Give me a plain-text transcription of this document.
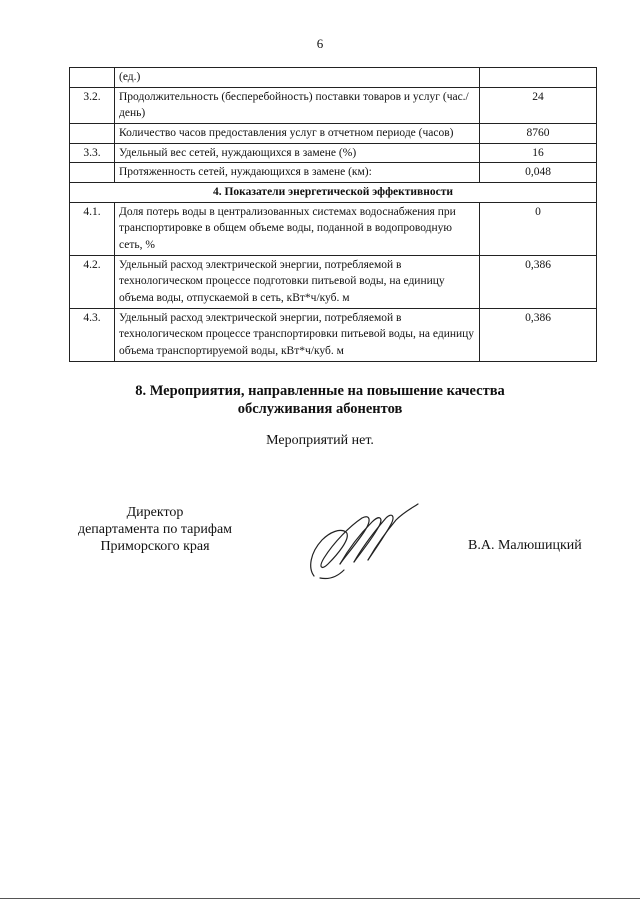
6
	(ед.)	
3.2.	Продолжительность (бесперебойность) поставки товаров и услуг (час./день)	24
	Количество часов предоставления услуг в отчетном периоде (часов)	8760
3.3.	Удельный вес сетей, нуждающихся в замене (%)	16
	Протяженность сетей, нуждающихся в замене (км):	0,048
4. Показатели энергетической эффективности		
4.1.	Доля потерь воды в централизованных системах водоснабжения при транспортировке в общем объеме воды, поданной в водопроводную сеть, %	0
4.2.	Удельный расход электрической энергии, потребляемой в технологическом процессе подготовки питьевой воды, на единицу объема воды, отпускаемой в сеть, кВт*ч/куб. м	0,386
4.3.	Удельный расход электрической энергии, потребляемой в технологическом процессе транспортировки питьевой воды, на единицу объема транспортируемой воды, кВт*ч/куб. м	0,386
8. Мероприятия, направленные на повышение качества
обслуживания абонентов
Мероприятий нет.
Директор
департамента по тарифам
Приморского края	В.А. Малюшицкий
